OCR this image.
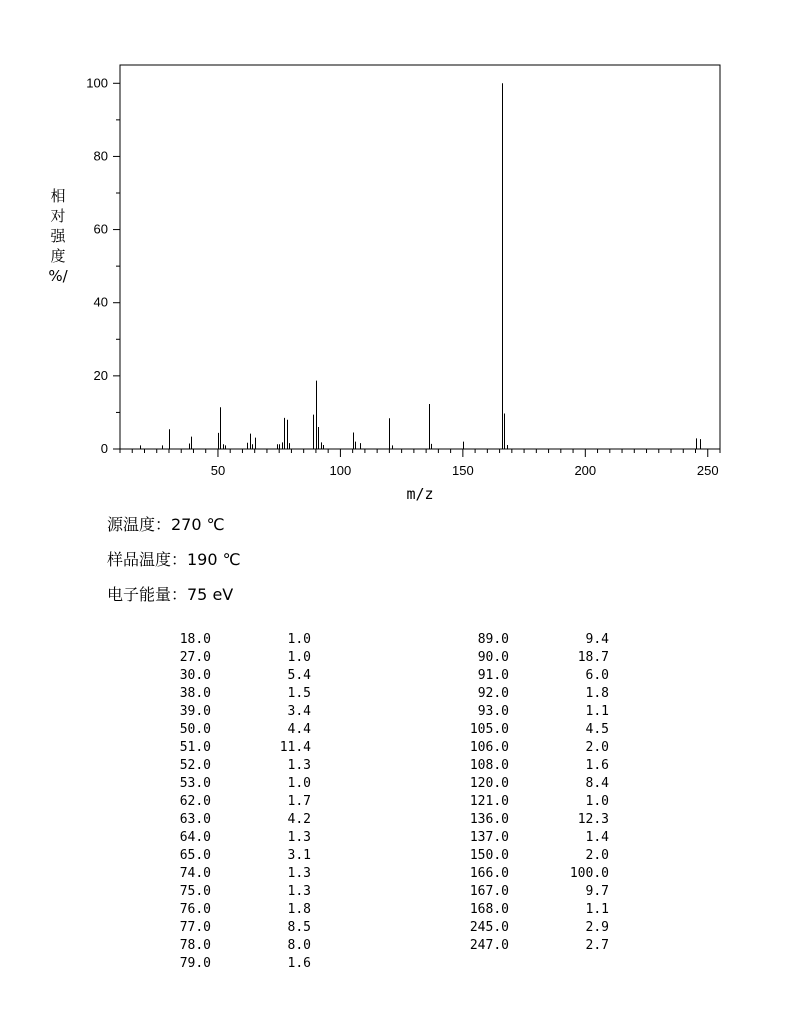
0
20
40
60
80
100
50	100	150	200	250
相
对
强
度
%/
m/z
源温度：270 ℃
样品温度：190 ℃
电子能量：75 eV
18.0	1.0
27.0	1.0
30.0	5.4
38.0	1.5
39.0	3.4
50.0	4.4
51.0	11.4
52.0	1.3
53.0	1.0
62.0	1.7
63.0	4.2
64.0	1.3
65.0	3.1
74.0	1.3
75.0	1.3
76.0	1.8
77.0	8.5
78.0	8.0
79.0	1.6
89.0	9.4
90.0	18.7
91.0	6.0
92.0	1.8
93.0	1.1
105.0	4.5
106.0	2.0
108.0	1.6
120.0	8.4
121.0	1.0
136.0	12.3
137.0	1.4
150.0	2.0
166.0	100.0
167.0	9.7
168.0	1.1
245.0	2.9
247.0	2.7
